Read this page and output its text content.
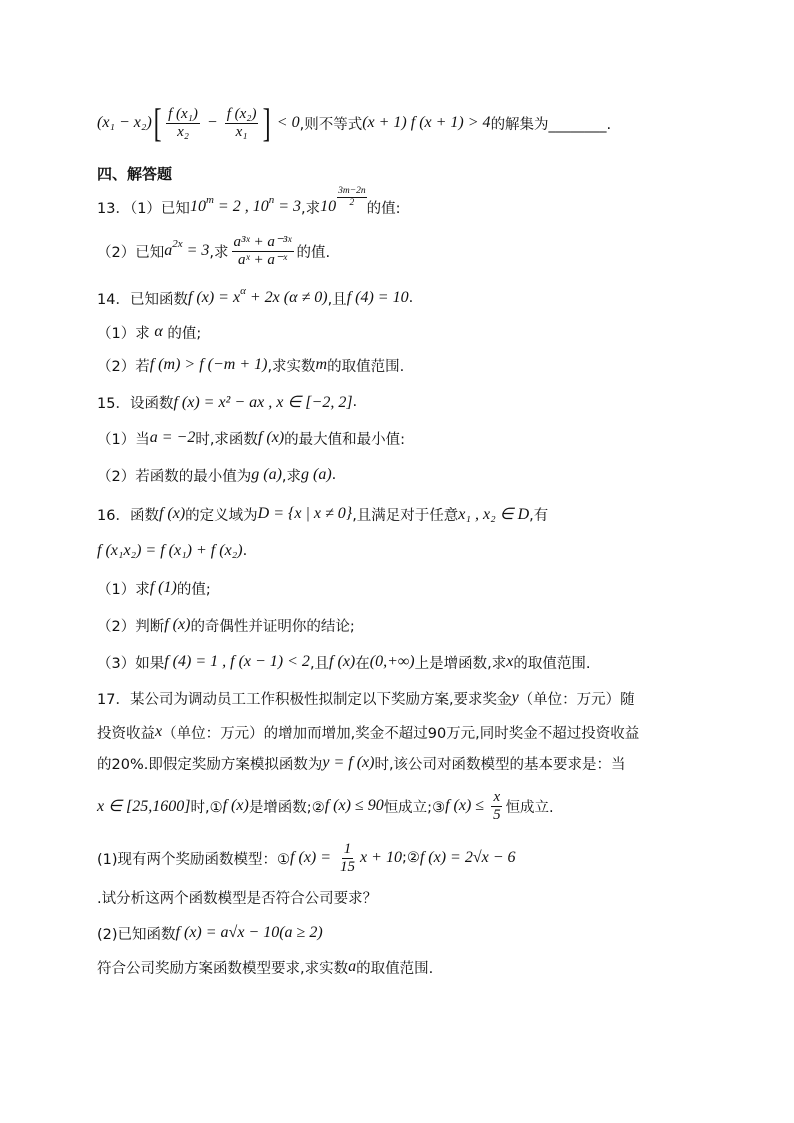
(x₁ − x₂) [ $\frac{\text{f (x₁)}}{\text{x₂}} - \frac{\text{f (x₂)}}{\text{x₁}}$ ] < 0 ,则不等式 (x + 1) f (x + 1) > 4 的解集为________.
四、解答题
13．（1）已知 10 m = 2 , 10 n = 3 ,求 $10 \frac{3m-2n}{2}$ 的值:
（2）已知 a 2x = 3 ,求 $\frac{\text{a³ˣ + a⁻³ˣ}}{\text{aˣ + a⁻ˣ}}$ 的值.
14．已知函数 f (x) = x α + 2x (α ≠ 0) ,且 f (4) = 10 .
（1）求 α 的值;
（2）若 f (m) > f (−m + 1) ,求实数 m 的取值范围.
15．设函数 f (x) = x² − ax , x ∈ [−2, 2] .
（1）当 a = −2 时,求函数 f (x) 的最大值和最小值:
（2）若函数的最小值为 g (a) ,求 g (a) .
16．函数 f (x) 的定义域为 D = {x | x ≠ 0} ,且满足对于任意 x₁ , x₂ ∈ D ,有
f (x₁x₂) = f (x₁) + f (x₂) .
（1）求 f (1) 的值;
（2）判断 f (x) 的奇偶性并证明你的结论;
（3）如果 f (4) = 1 , f (x − 1) < 2 ,且 f (x) 在 (0,+∞) 上是增函数,求 x 的取值范围.
17．某公司为调动员工工作积极性拟制定以下奖励方案,要求奖金 y （单位：万元）随
投资收益 x （单位：万元）的增加而增加,奖金不超过90万元,同时奖金不超过投资收益
的20%.即假定奖励方案模拟函数为 y = f (x) 时,该公司对函数模型的基本要求是：当
x ∈ [25,1600] 时,① f (x) 是增函数;② f (x) ≤ 90 恒成立;③ f $(x) \le \frac{x}{5}$ 恒成立.
(1)现有两个奖励函数模型：① f $(x) = \frac{1}{15}$ x + 10 ;② f (x) = 2√x − 6
.试分析这两个函数模型是否符合公司要求？
(2)已知函数 f (x) = a√x − 10(a ≥ 2)
符合公司奖励方案函数模型要求,求实数 a 的取值范围.
